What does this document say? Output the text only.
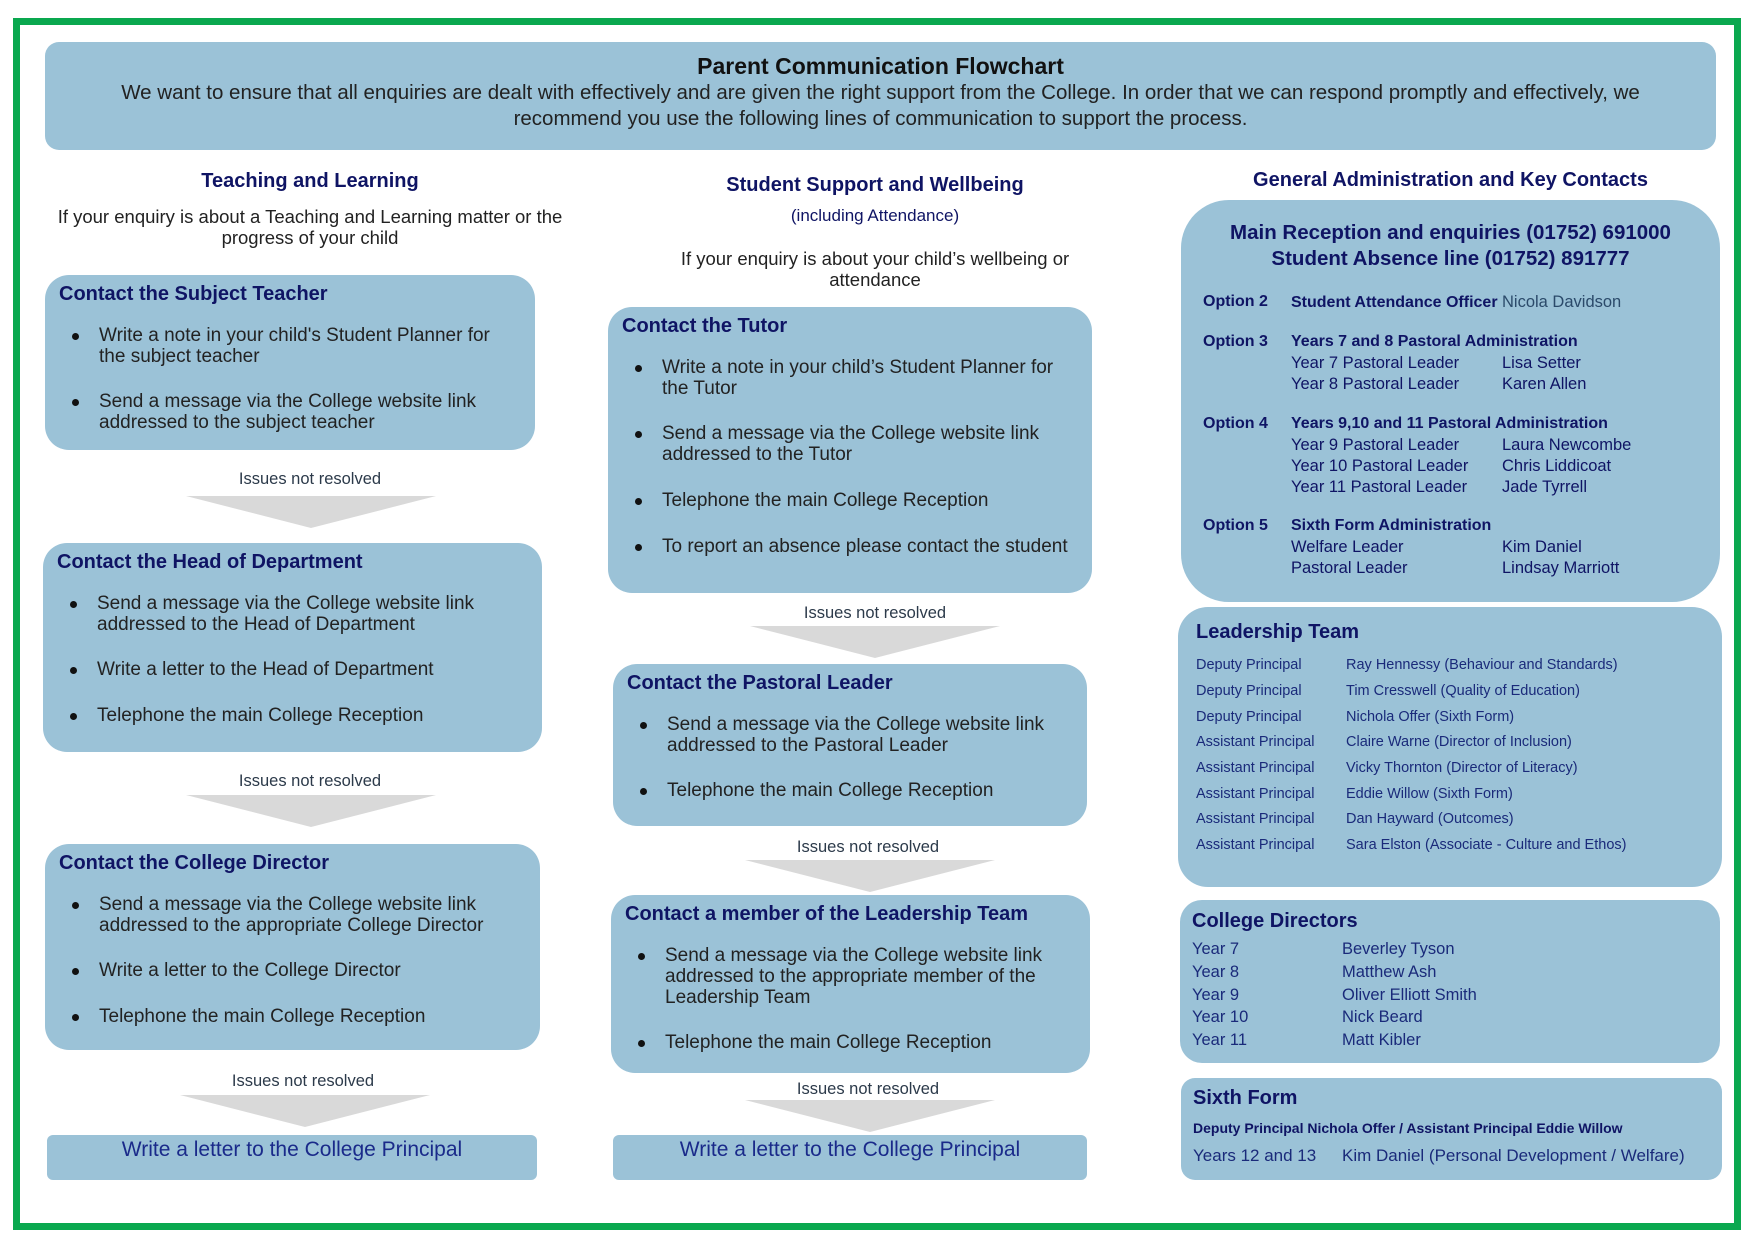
Parent Communication Flowchart
We want to ensure that all enquiries are dealt with effectively and are given the right support from the College. In order that we can respond promptly and effectively, we recommend you use the following lines of communication to support the process.
Teaching and Learning
If your enquiry is about a Teaching and Learning matter or the progress of your child
Contact the Subject Teacher
Write a note in your child's Student Planner for the subject teacher
Send a message via the College website link addressed to the subject teacher
Issues not resolved
Contact the Head of Department
Send a message via the College website link addressed to the Head of Department
Write a letter to the Head of Department
Telephone the main College Reception
Issues not resolved
Contact the College Director
Send a message via the College website link addressed to the appropriate College Director
Write a letter to the College Director
Telephone the main College Reception
Issues not resolved
Write a letter to the College Principal
Student Support and Wellbeing
(including Attendance)
If your enquiry is about your child’s wellbeing or attendance
Contact the Tutor
Write a note in your child’s Student Planner for the Tutor
Send a message via the College website link addressed to the Tutor
Telephone the main College Reception
To report an absence please contact the student
Issues not resolved
Contact the Pastoral Leader
Send a message via the College website link addressed to the Pastoral Leader
Telephone the main College Reception
Issues not resolved
Contact a member of the Leadership Team
Send a message via the College website link addressed to the appropriate member of the Leadership Team
Telephone the main College Reception
Issues not resolved
Write a letter to the College Principal
General Administration and Key Contacts
Main Reception and enquiries (01752) 691000
Student Absence line (01752) 891777
Option 2 Student Attendance Officer Nicola Davidson
Option 3 Years 7 and 8 Pastoral Administration
Year 7 Pastoral Leader	Lisa Setter
Year 8 Pastoral Leader	Karen Allen
Option 4 Years 9,10 and 11 Pastoral Administration
Year 9 Pastoral Leader	Laura Newcombe
Year 10 Pastoral Leader Chris Liddicoat
Year 11 Pastoral Leader Jade Tyrrell
Option 5 Sixth Form Administration
Welfare Leader	Kim Daniel
Pastoral Leader	Lindsay Marriott
Leadership Team
Deputy Principal	Ray Hennessy (Behaviour and Standards)
Deputy Principal	Tim Cresswell (Quality of Education)
Deputy Principal	Nichola Offer (Sixth Form)
Assistant Principal Claire Warne (Director of Inclusion)
Assistant Principal Vicky Thornton (Director of Literacy)
Assistant Principal Eddie Willow (Sixth Form)
Assistant Principal Dan Hayward (Outcomes)
Assistant Principal Sara Elston (Associate - Culture and Ethos)
College Directors
Year 7	Beverley Tyson
Year 8	Matthew Ash
Year 9	Oliver Elliott Smith
Year 10	Nick Beard
Year 11	Matt Kibler
Sixth Form
Deputy Principal Nichola Offer / Assistant Principal Eddie Willow
Years 12 and 13 Kim Daniel (Personal Development / Welfare)
